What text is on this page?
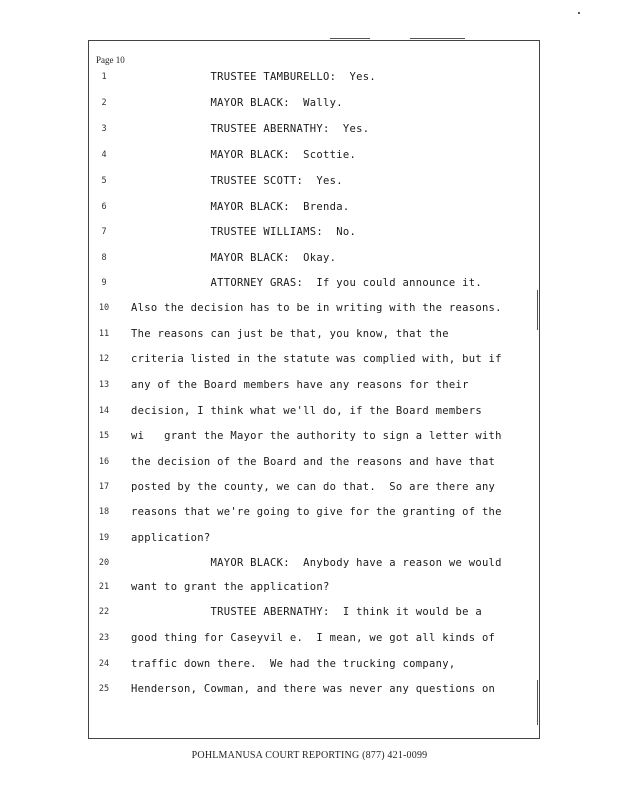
Page 10
1	TRUSTEE TAMBURELLO:  Yes.
2	MAYOR BLACK:  Wally.
3	TRUSTEE ABERNATHY:  Yes.
4	MAYOR BLACK:  Scottie.
5	TRUSTEE SCOTT:  Yes.
6	MAYOR BLACK:  Brenda.
7	TRUSTEE WILLIAMS:  No.
8	MAYOR BLACK:  Okay.
9	ATTORNEY GRAS:  If you could announce it.
10	Also the decision has to be in writing with the reasons.
11	The reasons can just be that, you know, that the
12	criteria listed in the statute was complied with, but if
13	any of the Board members have any reasons for their
14	decision, I think what we'll do, if the Board members
15	wi   grant the Mayor the authority to sign a letter with
16	the decision of the Board and the reasons and have that
17	posted by the county, we can do that.  So are there any
18	reasons that we're going to give for the granting of the
19	application?
20	MAYOR BLACK:  Anybody have a reason we would
21	want to grant the application?
22	TRUSTEE ABERNATHY:  I think it would be a
23	good thing for Caseyvil e.  I mean, we got all kinds of
24	traffic down there.  We had the trucking company,
25	Henderson, Cowman, and there was never any questions on
POHLMANUSA COURT REPORTING (877) 421-0099
